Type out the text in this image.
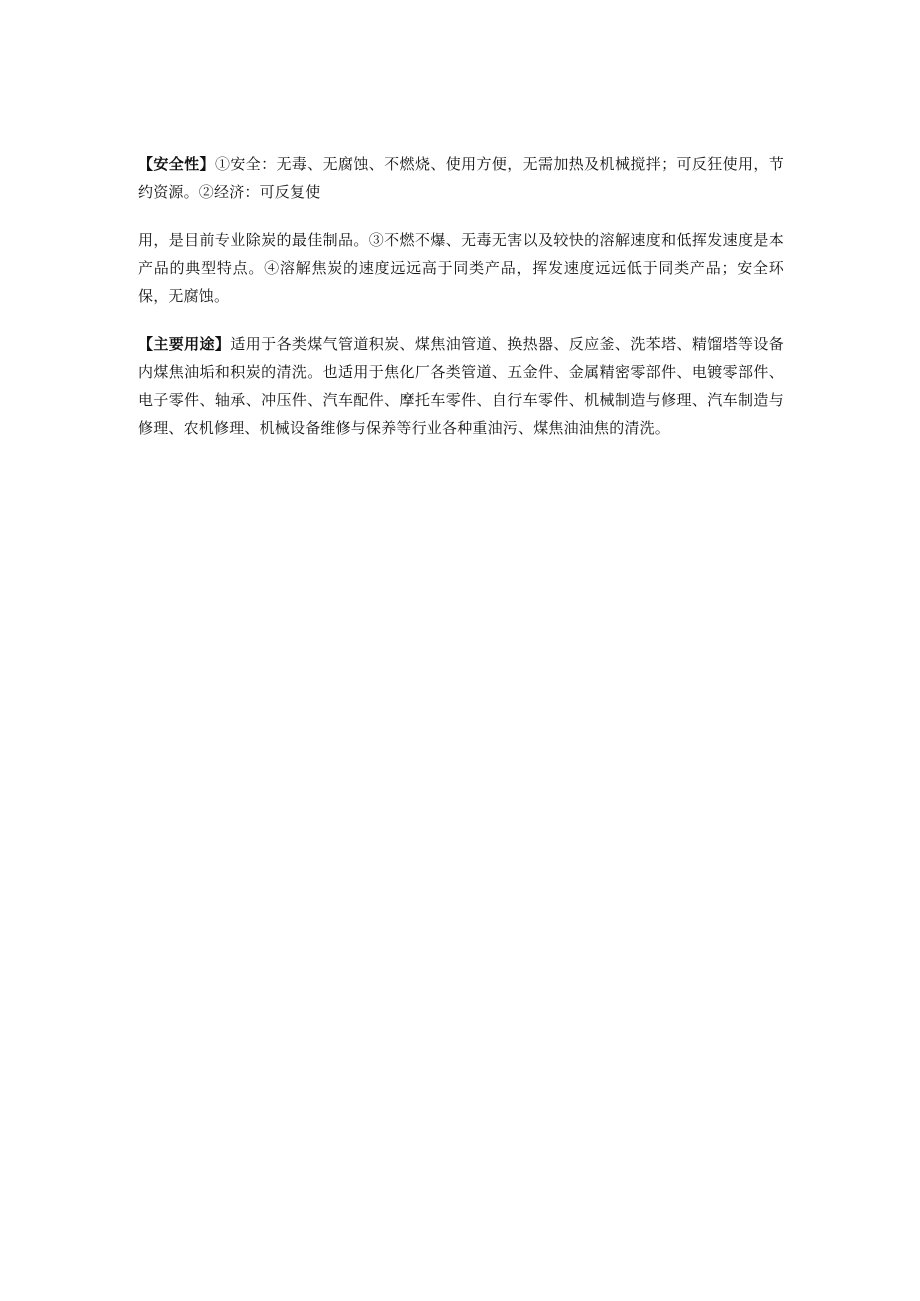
【安全性】①安全：无毒、无腐蚀、不燃烧、使用方便，无需加热及机械搅拌；可反狂使用，节约资源。②经济：可反复使

用，是目前专业除炭的最佳制品。③不燃不爆、无毒无害以及较快的溶解速度和低挥发速度是本产品的典型特点。④溶解焦炭的速度远远高于同类产品，挥发速度远远低于同类产品；安全环保，无腐蚀。

【主要用途】适用于各类煤气管道积炭、煤焦油管道、换热器、反应釜、洗苯塔、精馏塔等设备内煤焦油垢和积炭的清洗。也适用于焦化厂各类管道、五金件、金属精密零部件、电镀零部件、电子零件、轴承、冲压件、汽车配件、摩托车零件、自行车零件、机械制造与修理、汽车制造与修理、农机修理、机械设备维修与保养等行业各种重油污、煤焦油油焦的清洗。
